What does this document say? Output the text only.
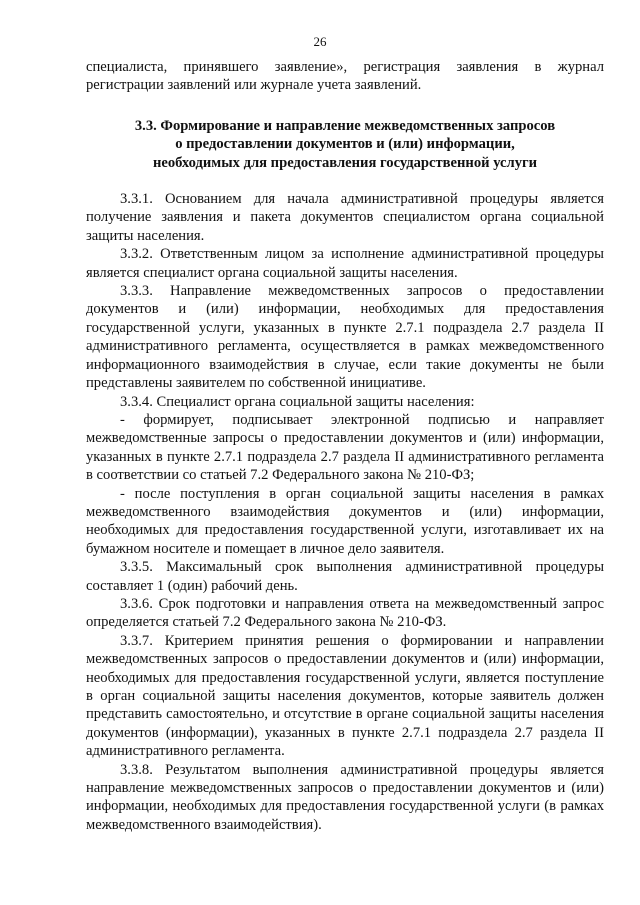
26

специалиста, принявшего заявление», регистрация заявления в журнал регистрации заявлений или журнале учета заявлений.

3.3. Формирование и направление межведомственных запросов
о предоставлении документов и (или) информации,
необходимых для предоставления государственной услуги

3.3.1. Основанием для начала административной процедуры является получение заявления и пакета документов специалистом органа социальной защиты населения.

3.3.2. Ответственным лицом за исполнение административной процедуры является специалист органа социальной защиты населения.

3.3.3. Направление межведомственных запросов о предоставлении документов и (или) информации, необходимых для предоставления государственной услуги, указанных в пункте 2.7.1 подраздела 2.7 раздела II административного регламента, осуществляется в рамках межведомственного информационного взаимодействия в случае, если такие документы не были представлены заявителем по собственной инициативе.

3.3.4. Специалист органа социальной защиты населения:

- формирует, подписывает электронной подписью и направляет межведомственные запросы о предоставлении документов и (или) информации, указанных в пункте 2.7.1 подраздела 2.7 раздела II административного регламента в соответствии со статьей 7.2 Федерального закона № 210-ФЗ;

- после поступления в орган социальной защиты населения в рамках межведомственного взаимодействия документов и (или) информации, необходимых для предоставления государственной услуги, изготавливает их на бумажном носителе и помещает в личное дело заявителя.

3.3.5. Максимальный срок выполнения административной процедуры составляет 1 (один) рабочий день.

3.3.6. Срок подготовки и направления ответа на межведомственный запрос определяется статьей 7.2 Федерального закона № 210-ФЗ.

3.3.7. Критерием принятия решения о формировании и направлении межведомственных запросов о предоставлении документов и (или) информации, необходимых для предоставления государственной услуги, является поступление в орган социальной защиты населения документов, которые заявитель должен представить самостоятельно, и отсутствие в органе социальной защиты населения документов (информации), указанных в пункте 2.7.1 подраздела 2.7 раздела II административного регламента.

3.3.8. Результатом выполнения административной процедуры является направление межведомственных запросов о предоставлении документов и (или) информации, необходимых для предоставления государственной услуги (в рамках межведомственного взаимодействия).
